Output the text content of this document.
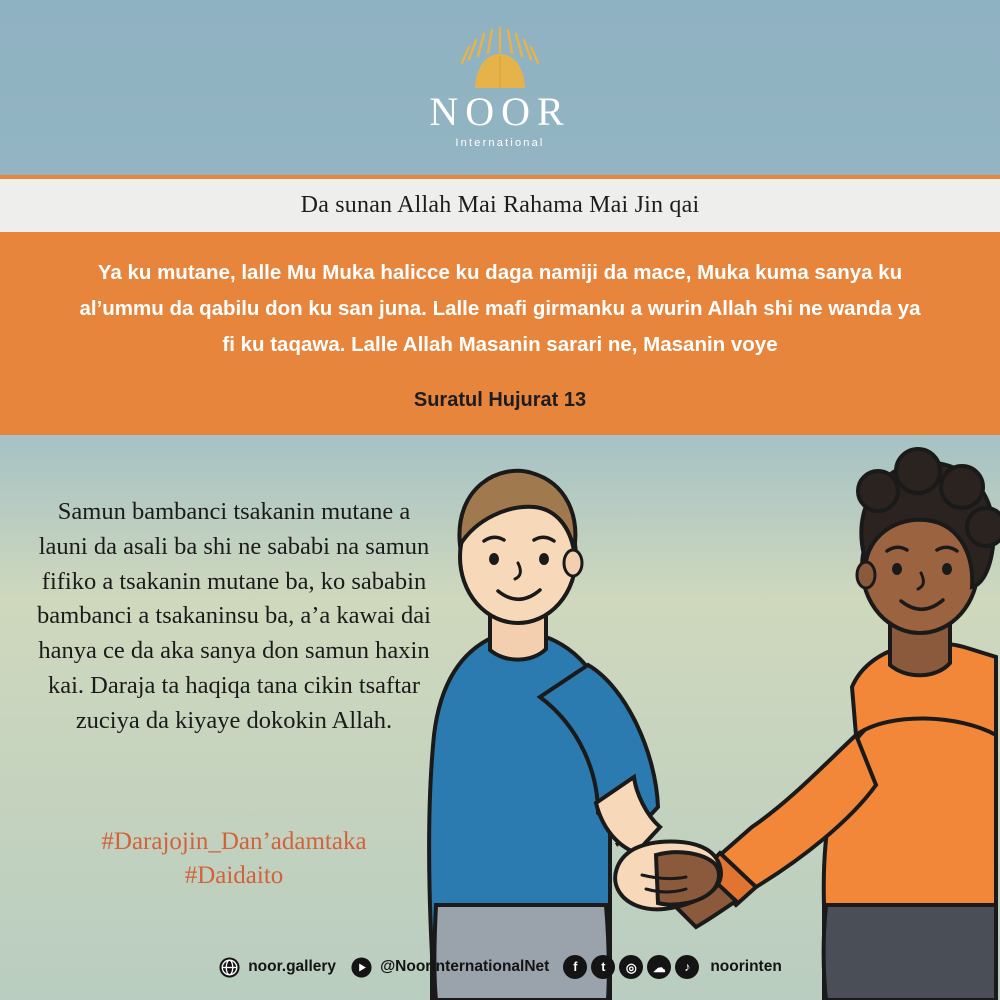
NOOR
International
Da sunan Allah Mai Rahama Mai Jin qai
Ya ku mutane, lalle Mu Muka halicce ku daga namiji da mace, Muka kuma sanya ku al’ummu da qabilu don ku san juna. Lalle mafi girmanku a wurin Allah shi ne wanda ya fi ku taqawa. Lalle Allah Masanin sarari ne, Masanin voye
Suratul Hujurat 13
Samun bambanci tsakanin mutane a launi da asali ba shi ne sababi na samun fifiko a tsakanin mutane ba, ko sababin bambanci a tsakaninsu ba, a’a kawai dai hanya ce da aka sanya don samun haxin kai. Daraja ta haqiqa tana cikin tsaftar zuciya da kiyaye dokokin Allah.
#Darajojin_Dan’adamtaka
#Daidaito
noor.gallery	@NoorInternationalNet	f	t	◎	☁	♪	noorinten
